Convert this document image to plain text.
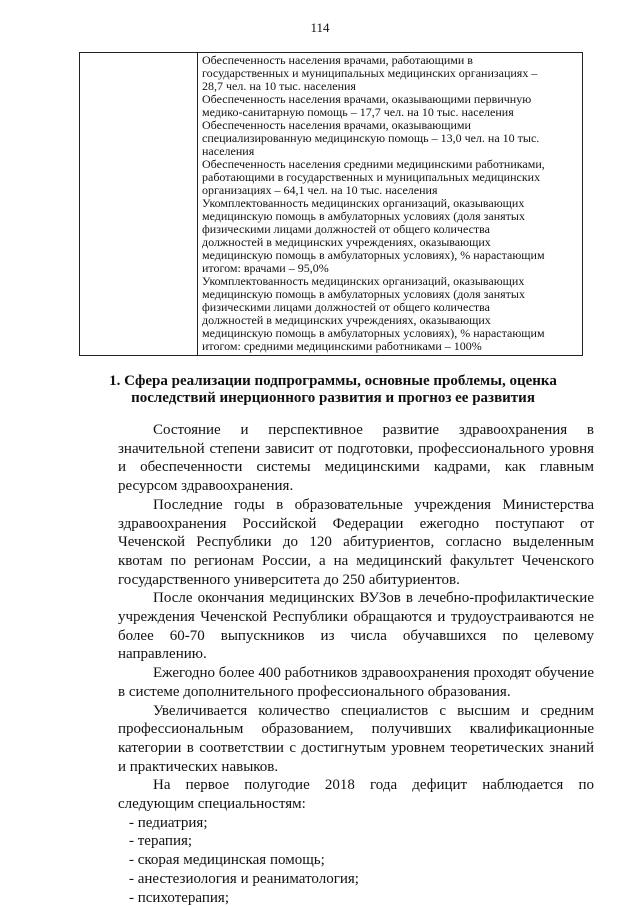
114

Обеспеченность населения врачами, работающими в

государственных и муниципальных медицинских организациях –

28,7 чел. на 10 тыс. населения

Обеспеченность населения врачами, оказывающими первичную

медико-санитарную помощь – 17,7 чел. на 10 тыс. населения

Обеспеченность населения врачами, оказывающими

специализированную медицинскую помощь – 13,0 чел. на 10 тыс.

населения

Обеспеченность населения средними медицинскими работниками,

работающими в государственных и муниципальных медицинских

организациях – 64,1 чел. на 10 тыс. населения

Укомплектованность медицинских организаций, оказывающих

медицинскую помощь в амбулаторных условиях (доля занятых

физическими лицами должностей от общего количества

должностей в медицинских учреждениях, оказывающих

медицинскую помощь в амбулаторных условиях), % нарастающим

итогом: врачами – 95,0%

Укомплектованность медицинских организаций, оказывающих

медицинскую помощь в амбулаторных условиях (доля занятых

физическими лицами должностей от общего количества

должностей в медицинских учреждениях, оказывающих

медицинскую помощь в амбулаторных условиях), % нарастающим

итогом: средними медицинскими работниками – 100%

1. Сфера реализации подпрограммы, основные проблемы, оценка
последствий инерционного развития и прогноз ее развития

Состояние и перспективное развитие здравоохранения в значительной степени зависит от подготовки, профессионального уровня и обеспеченности системы медицинскими кадрами, как главным ресурсом здравоохранения.

Последние годы в образовательные учреждения Министерства здравоохранения Российской Федерации ежегодно поступают от Чеченской Республики до 120 абитуриентов, согласно выделенным квотам по регионам России, а на медицинский факультет Чеченского государственного университета до 250 абитуриентов.

После окончания медицинских ВУЗов в лечебно-профилактические учреждения Чеченской Республики обращаются и трудоустраиваются не более 60-70 выпускников из числа обучавшихся по целевому направлению.

Ежегодно более 400 работников здравоохранения проходят обучение в системе дополнительного профессионального образования.

Увеличивается количество специалистов с высшим и средним профессиональным образованием, получивших квалификационные категории в соответствии с достигнутым уровнем теоретических знаний и практических навыков.

На первое полугодие 2018 года дефицит наблюдается по следующим специальностям:

- педиатрия;
- терапия;
- скорая медицинская помощь;
- анестезиология и реаниматология;
- психотерапия;
